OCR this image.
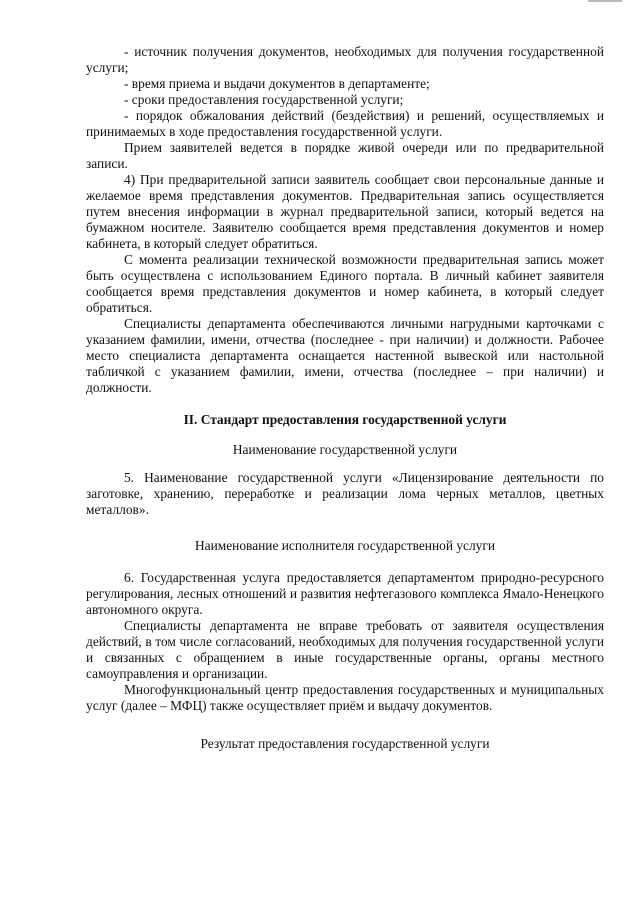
- источник получения документов, необходимых для получения государственной услуги;

- время приема и выдачи документов в департаменте;

- сроки предоставления государственной услуги;

- порядок обжалования действий (бездействия) и решений, осуществляемых и принимаемых в ходе предоставления государственной услуги.

Прием заявителей ведется в порядке живой очереди или по предварительной записи.

4) При предварительной записи заявитель сообщает свои персональные данные и желаемое время представления документов. Предварительная запись осуществляется путем внесения информации в журнал предварительной записи, который ведется на бумажном носителе. Заявителю сообщается время представления документов и номер кабинета, в который следует обратиться.

С момента реализации технической возможности предварительная запись может быть осуществлена с использованием Единого портала. В личный кабинет заявителя сообщается время представления документов и номер кабинета, в который следует обратиться.

Специалисты департамента обеспечиваются личными нагрудными карточками с указанием фамилии, имени, отчества (последнее - при наличии) и должности. Рабочее место специалиста департамента оснащается настенной вывеской или настольной табличкой с указанием фамилии, имени, отчества (последнее – при наличии) и должности.

II. Стандарт предоставления государственной услуги

Наименование государственной услуги

5. Наименование государственной услуги «Лицензирование деятельности по заготовке, хранению, переработке и реализации лома черных металлов, цветных металлов».

Наименование исполнителя государственной услуги

6. Государственная услуга предоставляется департаментом природно-ресурсного регулирования, лесных отношений и развития нефтегазового комплекса Ямало-Ненецкого автономного округа.

Специалисты департамента не вправе требовать от заявителя осуществления действий, в том числе согласований, необходимых для получения государственной услуги и связанных с обращением в иные государственные органы, органы местного самоуправления и организации.

Многофункциональный центр предоставления государственных и муниципальных услуг (далее – МФЦ) также осуществляет приём и выдачу документов.

Результат предоставления государственной услуги
